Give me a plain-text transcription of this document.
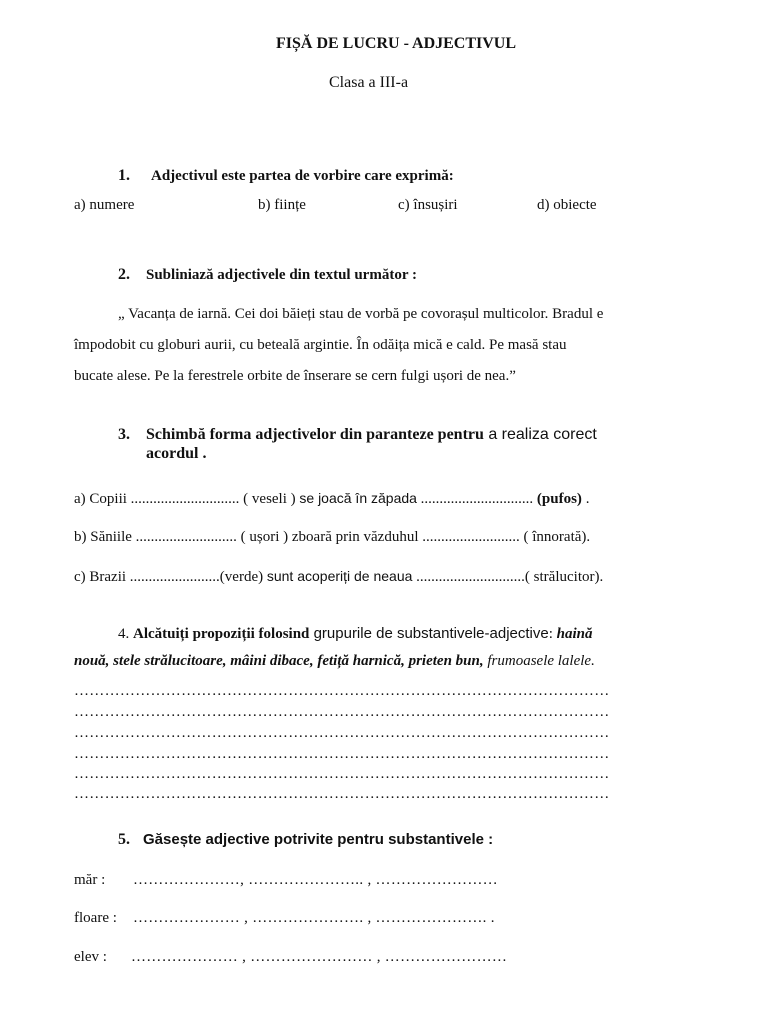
FIȘĂ DE LUCRU - ADJECTIVUL
Clasa a III-a
1. Adjectivul este partea de vorbire care exprimă:
a) numere	b) ființe	c) însușiri	d) obiecte
2. Subliniază adjectivele din textul următor :
„ Vacanța de iarnă. Cei doi băieți stau de vorbă pe covorașul multicolor. Bradul e
împodobit cu globuri aurii, cu beteală argintie. În odăița mică e cald. Pe masă stau
bucate alese. Pe la ferestrele orbite de înserare se cern fulgi ușori de nea.”
3. Schimbă forma adjectivelor din paranteze pentru a realiza corect
acordul .
a) Copiii ............................. ( veseli ) se joacă în zăpada .............................. (pufos) .
b) Săniile ........................... ( ușori ) zboară prin văzduhul .......................... ( înnorată).
c) Brazii ........................(verde) sunt acoperiți de neaua .............................( strălucitor).
4. Alcătuiți propoziții folosind grupurile de substantivele-adjective: haină
nouă, stele strălucitoare, mâini dibace, fetiță harnică, prieten bun, frumoasele lalele.
……………………………………………………………………………………………
……………………………………………………………………………………………
……………………………………………………………………………………………
……………………………………………………………………………………………
……………………………………………………………………………………………
……………………………………………………………………………………………
5. Găsește adjective potrivite pentru substantivele :
măr : …………………, ………………….. , ……………………
floare : ………………… , …………………. , …………………. .
elev : ………………… , …………………… , ……………………
